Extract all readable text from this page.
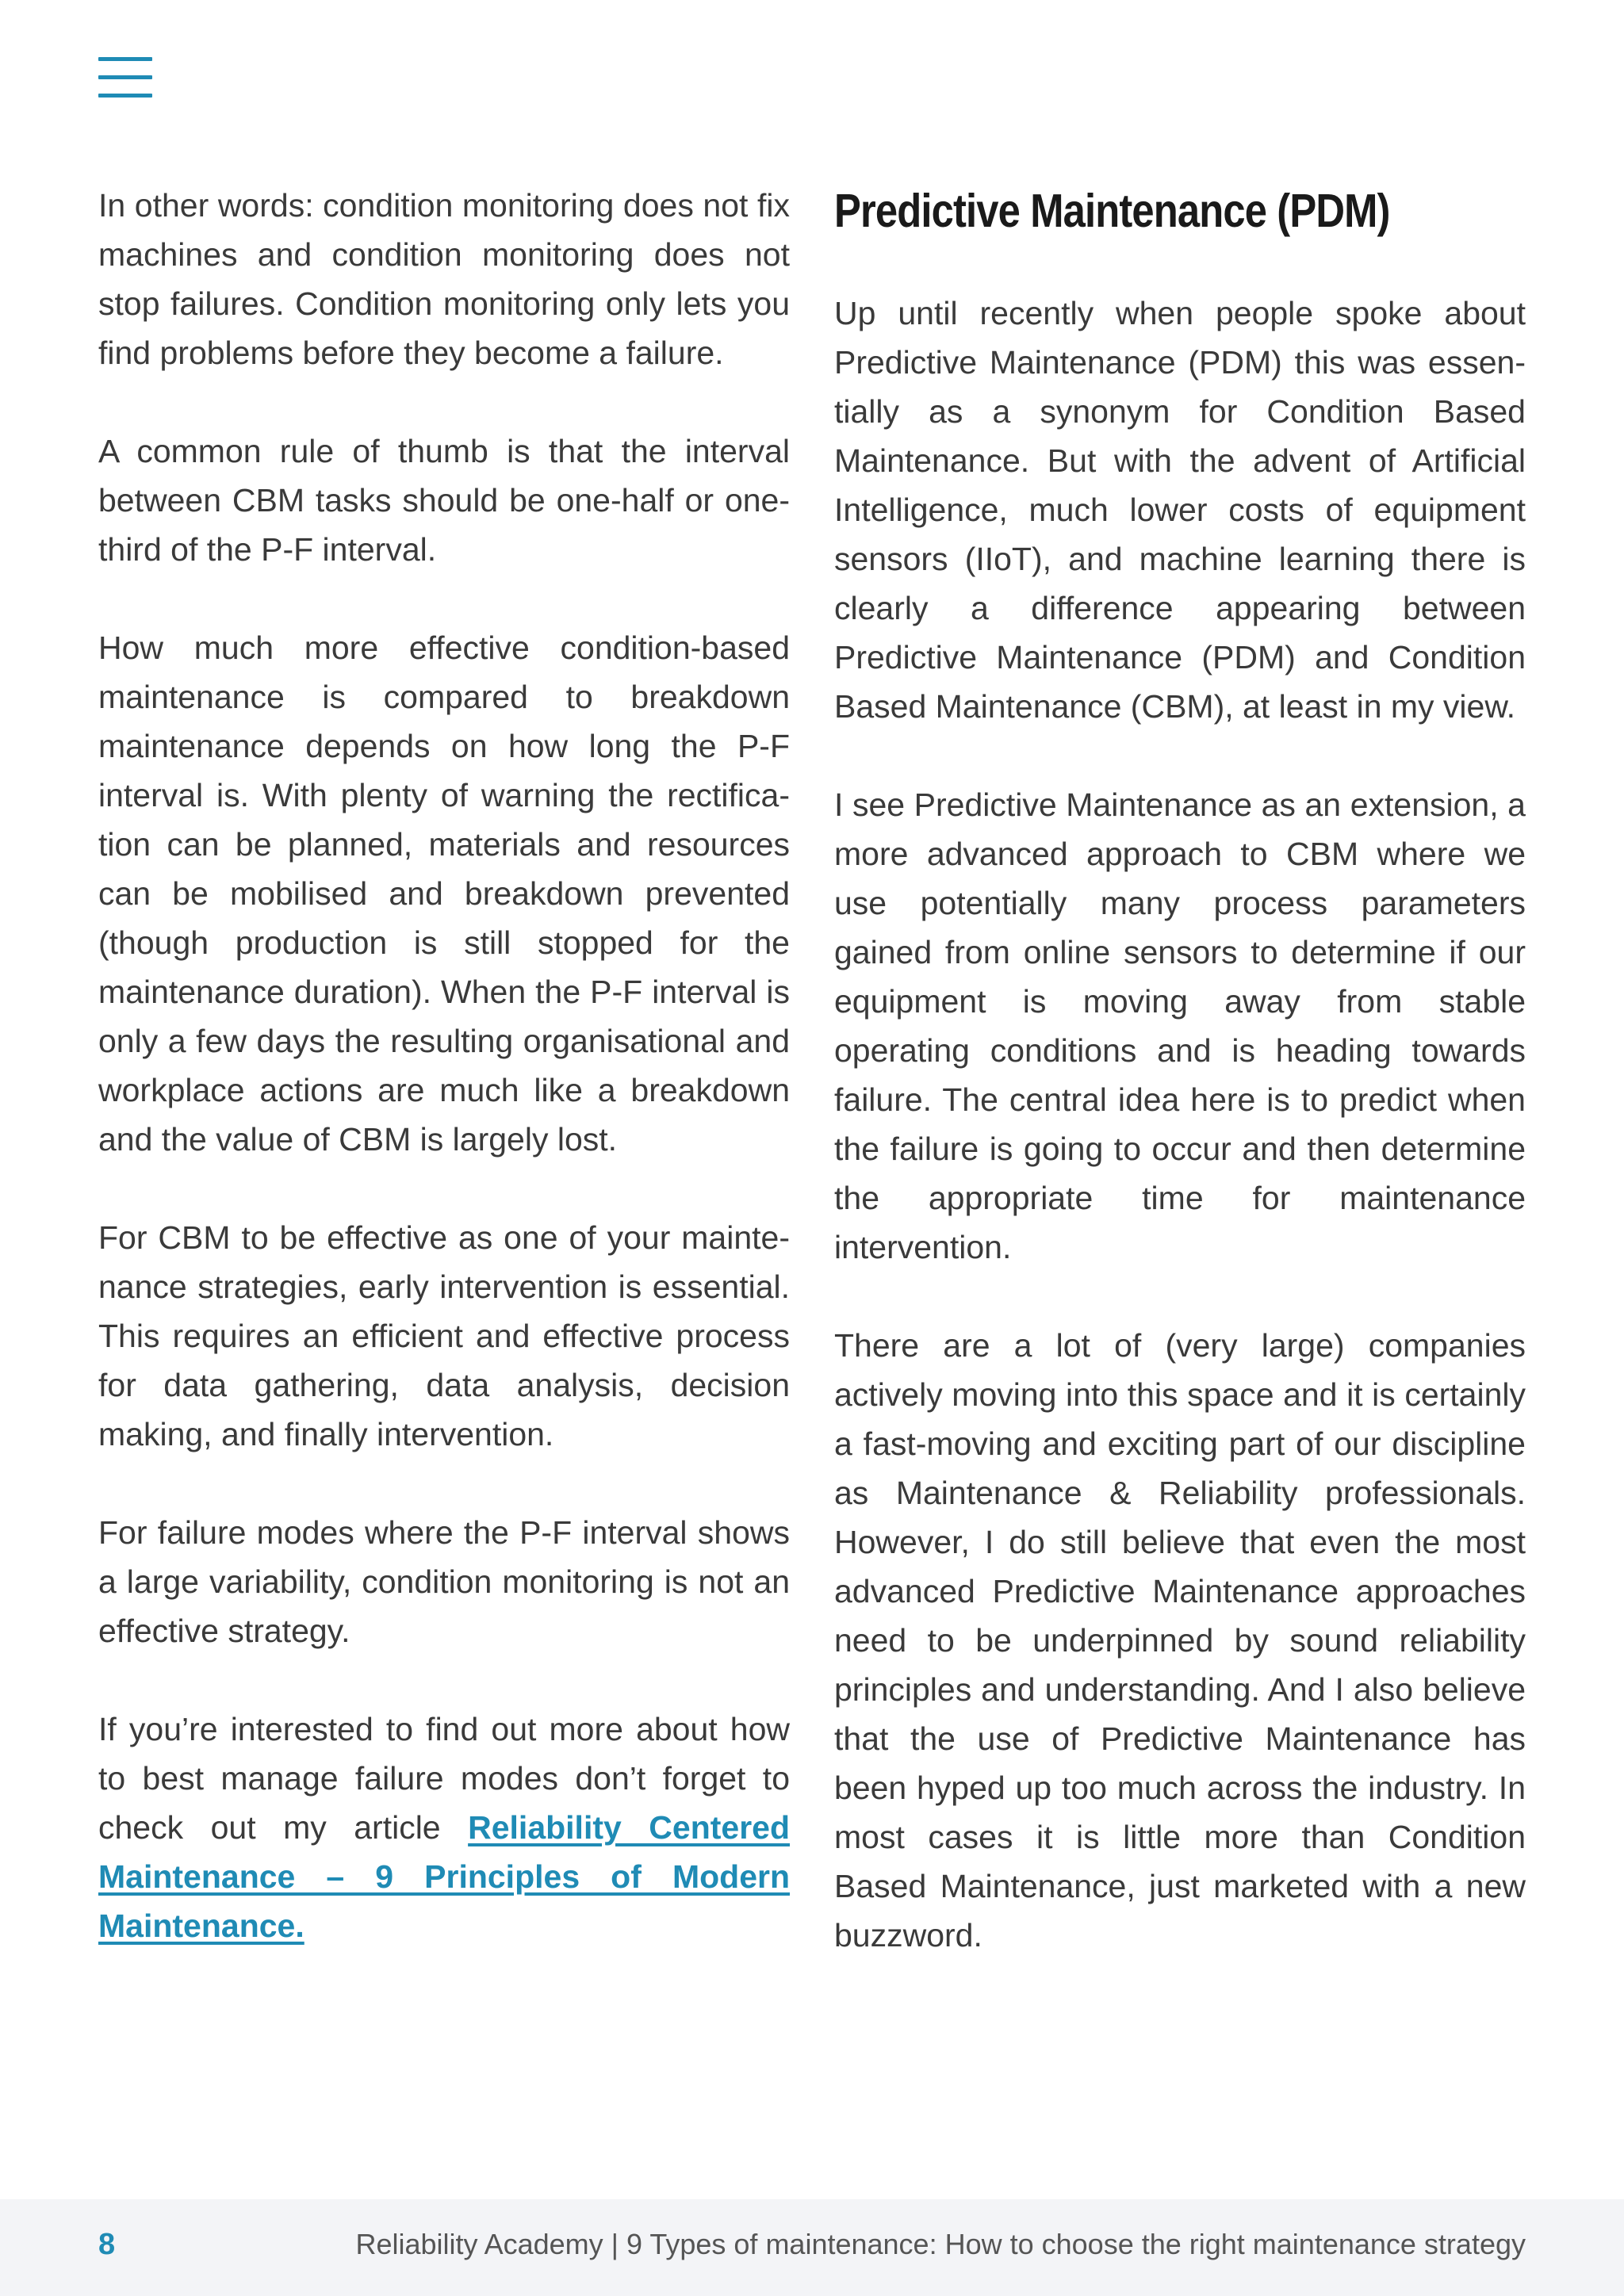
In other words: condition monitoring does not fix machines and condition monitoring does not stop failures. Condition monitoring only lets you find problems before they become a failure.

A common rule of thumb is that the interval between CBM tasks should be one-half or one-third of the P-F interval.

How much more effective condition-based maintenance is compared to breakdown maintenance depends on how long the P-F interval is. With plenty of warning the rectification can be planned, materials and resources can be mobilised and breakdown prevented (though production is still stopped for the maintenance duration). When the P-F interval is only a few days the resulting organisational and workplace actions are much like a breakdown and the value of CBM is largely lost.

For CBM to be effective as one of your maintenance strategies, early intervention is essential. This requires an efficient and effective process for data gathering, data analysis, decision making, and finally intervention.

For failure modes where the P-F interval shows a large variability, condition monitoring is not an effective strategy.

If you’re interested to find out more about how to best manage failure modes don’t forget to check out my article Reliability Centered Maintenance – 9 Principles of Modern Maintenance.

Predictive Maintenance (PDM)

Up until recently when people spoke about Predictive Maintenance (PDM) this was essentially as a synonym for Condition Based Maintenance. But with the advent of Artificial Intelligence, much lower costs of equipment sensors (IIoT), and machine learning there is clearly a difference appearing between Predictive Maintenance (PDM) and Condition Based Maintenance (CBM), at least in my view.

I see Predictive Maintenance as an extension, a more advanced approach to CBM where we use potentially many process parameters gained from online sensors to determine if our equipment is moving away from stable operating conditions and is heading towards failure. The central idea here is to predict when the failure is going to occur and then determine the appropriate time for maintenance intervention.

There are a lot of (very large) companies actively moving into this space and it is certainly a fast-moving and exciting part of our discipline as Maintenance & Reliability professionals. However, I do still believe that even the most advanced Predictive Maintenance approaches need to be underpinned by sound reliability principles and understanding. And I also believe that the use of Predictive Maintenance has been hyped up too much across the industry. In most cases it is little more than Condition Based Maintenance, just marketed with a new buzzword.

8	Reliability Academy | 9 Types of maintenance: How to choose the right maintenance strategy
